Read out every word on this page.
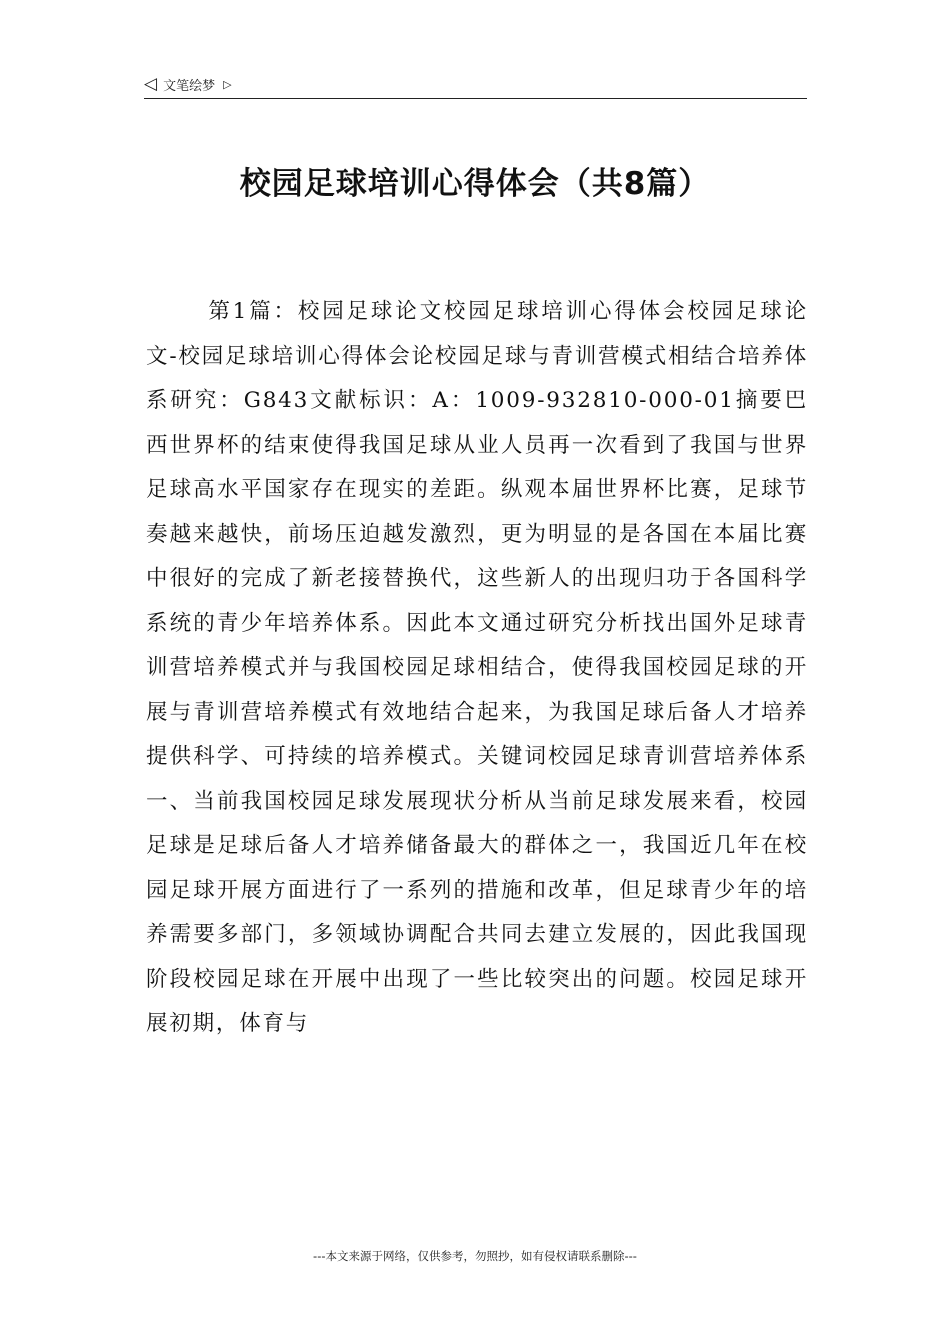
◁ 文笔绘梦 ▷
校园足球培训心得体会（共8篇）

第1篇：校园足球论文校园足球培训心得体会校园足球论文-校园足球培训心得体会论校园足球与青训营模式相结合培养体系研究：G843文献标识：A：1009-932810-000-01摘要巴西世界杯的结束使得我国足球从业人员再一次看到了我国与世界足球高水平国家存在现实的差距。纵观本届世界杯比赛，足球节奏越来越快，前场压迫越发激烈，更为明显的是各国在本届比赛中很好的完成了新老接替换代，这些新人的出现归功于各国科学系统的青少年培养体系。因此本文通过研究分析找出国外足球青训营培养模式并与我国校园足球相结合，使得我国校园足球的开展与青训营培养模式有效地结合起来，为我国足球后备人才培养提供科学、可持续的培养模式。关键词校园足球青训营培养体系一、当前我国校园足球发展现状分析从当前足球发展来看，校园足球是足球后备人才培养储备最大的群体之一，我国近几年在校园足球开展方面进行了一系列的措施和改革，但足球青少年的培养需要多部门，多领域协调配合共同去建立发展的，因此我国现阶段校园足球在开展中出现了一些比较突出的问题。校园足球开展初期，体育与

---本文来源于网络，仅供参考，勿照抄，如有侵权请联系删除---
